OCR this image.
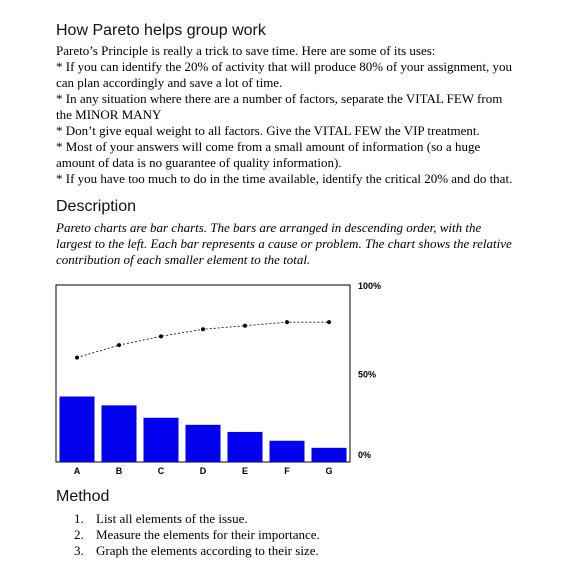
How Pareto helps group work
Pareto’s Principle is really a trick to save time. Here are some of its uses:
* If you can identify the 20% of activity that will produce 80% of your assignment, you
can plan accordingly and save a lot of time.
* In any situation where there are a number of factors, separate the VITAL FEW from
the MINOR MANY
* Don’t give equal weight to all factors. Give the VITAL FEW the VIP treatment.
* Most of your answers will come from a small amount of information (so a huge
amount of data is no guarantee of quality information).
* If you have too much to do in the time available, identify the critical 20% and do that.
Description
Pareto charts are bar charts. The bars are arranged in descending order, with the
largest to the left. Each bar represents a cause or problem. The chart shows the relative
contribution of each smaller element to the total.
A	B	C	D	E	F	G
100%
50%
0%
Method
1. List all elements of the issue.
2. Measure the elements for their importance.
3. Graph the elements according to their size.
